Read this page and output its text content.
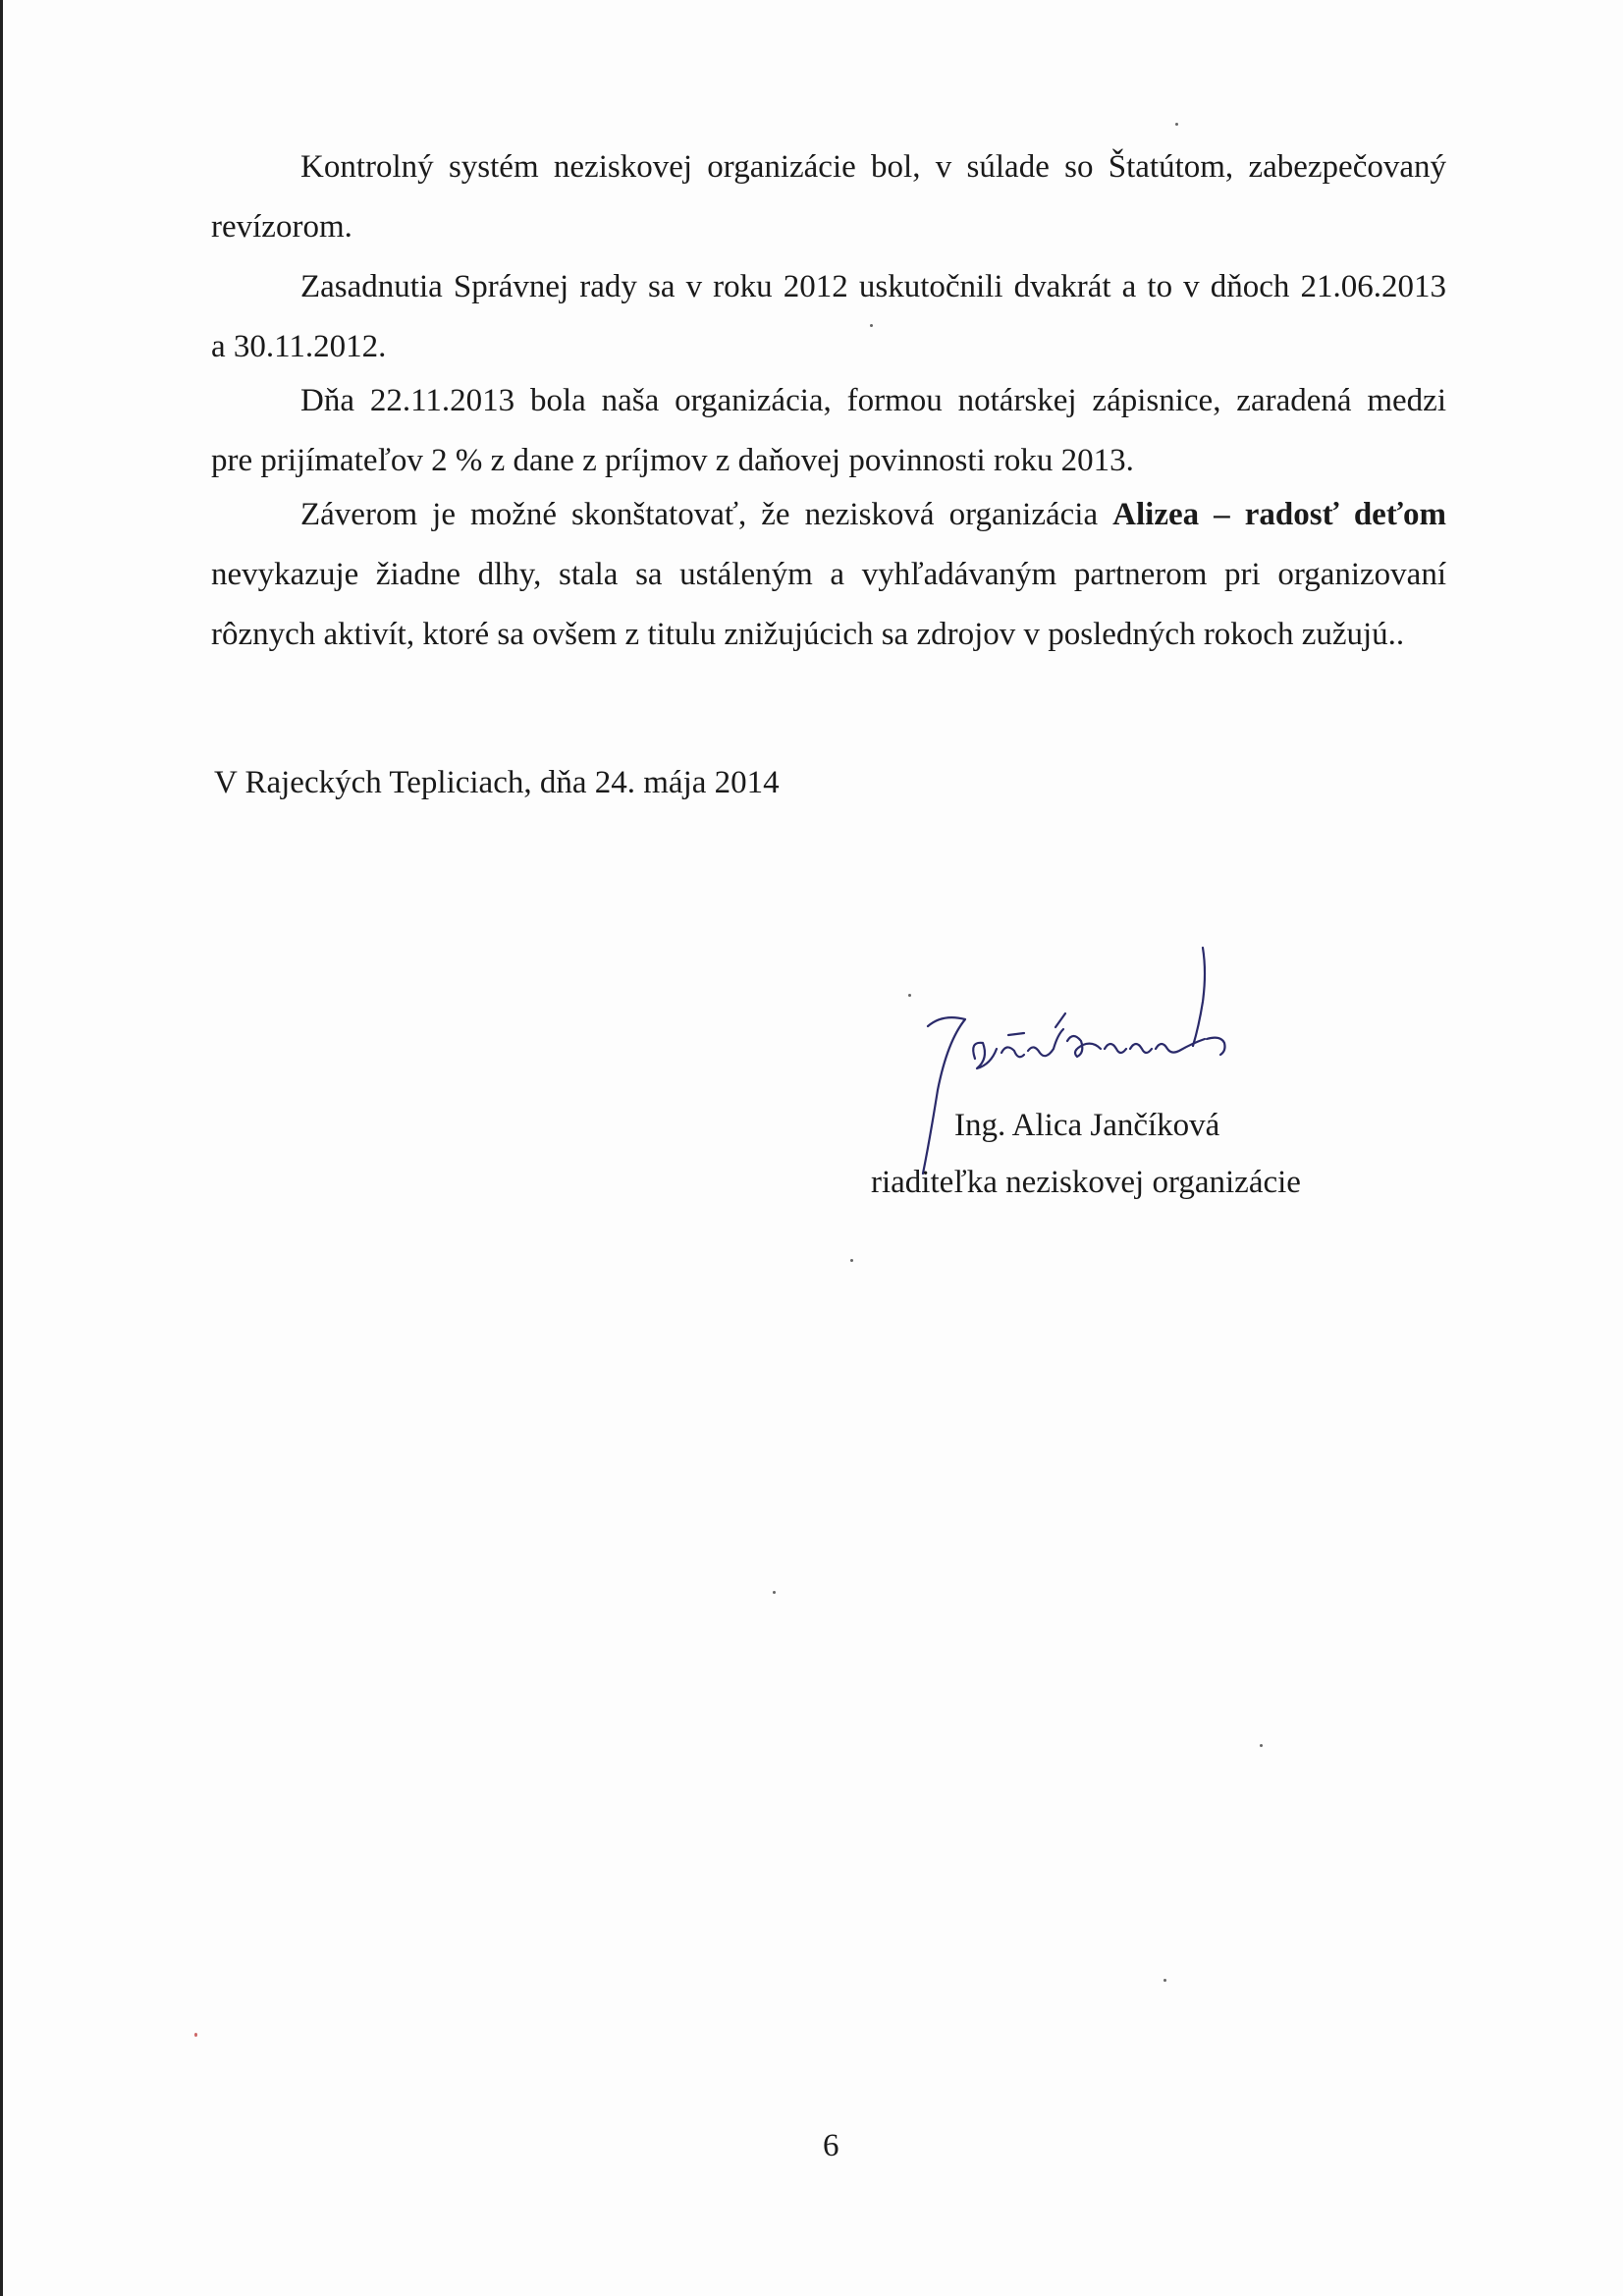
Kontrolný systém neziskovej organizácie bol, v súlade so Štatútom, zabezpečovaný
revízorom.
Zasadnutia Správnej rady sa v roku 2012 uskutočnili dvakrát a to v dňoch 21.06.2013
a 30.11.2012.
Dňa 22.11.2013 bola naša organizácia, formou notárskej zápisnice, zaradená medzi
pre prijímateľov 2 % z dane z príjmov z daňovej povinnosti roku 2013.
Záverom je možné skonštatovať, že nezisková organizácia Alizea – radosť deťom
nevykazuje žiadne dlhy, stala sa ustáleným a vyhľadávaným partnerom pri organizovaní
rôznych aktivít, ktoré sa ovšem z titulu znižujúcich sa zdrojov v posledných rokoch zužujú..
V Rajeckých Tepliciach, dňa 24. mája 2014
Ing. Alica Jančíková
riaditeľka neziskovej organizácie
6
